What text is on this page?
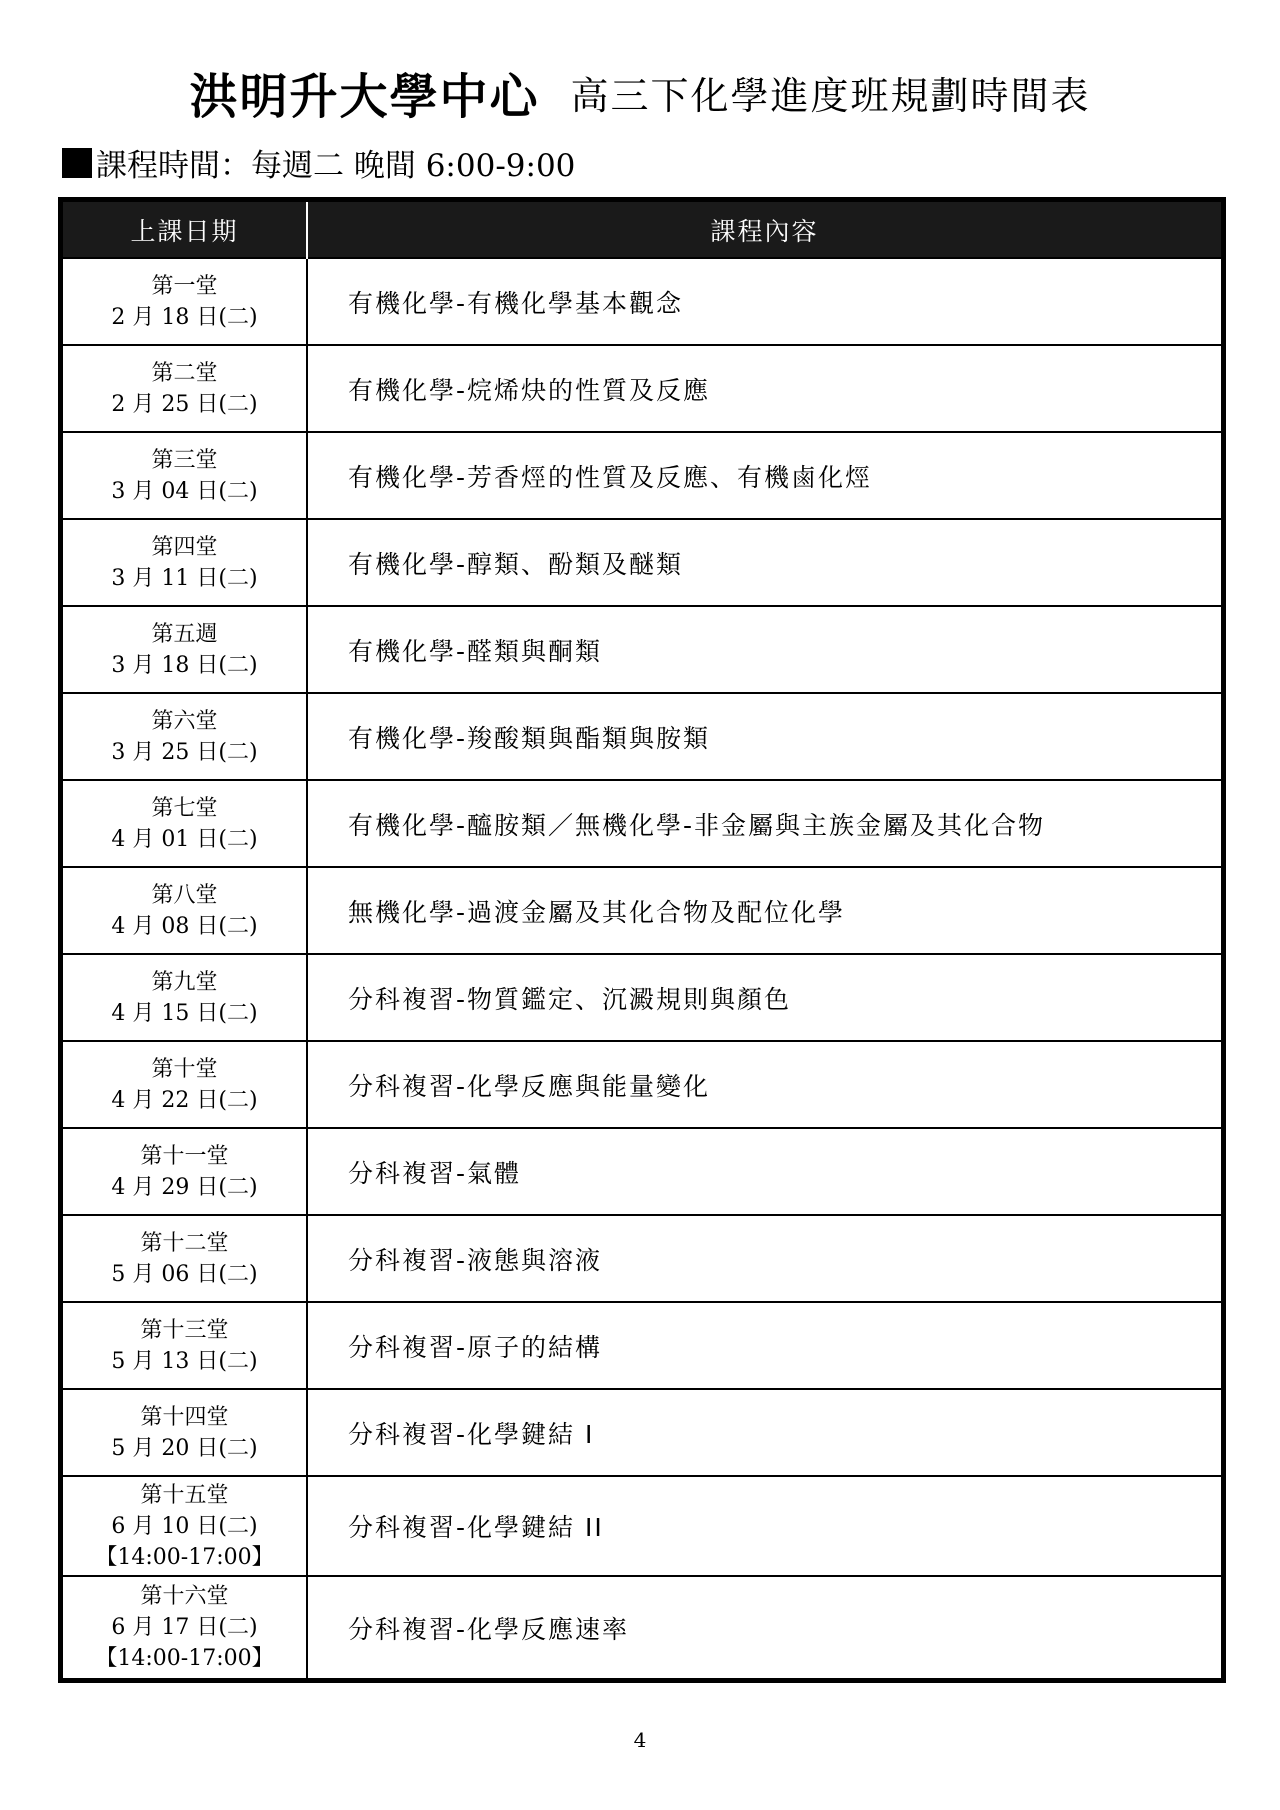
洪明升大學中心 高三下化學進度班規劃時間表
課程時間：每週二 晚間 6:00-9:00
上課日期	課程內容

第一堂
2 月 18 日(二)	有機化學-有機化學基本觀念

第二堂
2 月 25 日(二)	有機化學-烷烯炔的性質及反應

第三堂
3 月 04 日(二)	有機化學-芳香烴的性質及反應、有機鹵化烴

第四堂
3 月 11 日(二)	有機化學-醇類、酚類及醚類

第五週
3 月 18 日(二)	有機化學-醛類與酮類

第六堂
3 月 25 日(二)	有機化學-羧酸類與酯類與胺類

第七堂
4 月 01 日(二)	有機化學-醯胺類／無機化學-非金屬與主族金屬及其化合物

第八堂
4 月 08 日(二)	無機化學-過渡金屬及其化合物及配位化學

第九堂
4 月 15 日(二)	分科複習-物質鑑定、沉澱規則與顏色

第十堂
4 月 22 日(二)	分科複習-化學反應與能量變化

第十一堂
4 月 29 日(二)	分科複習-氣體

第十二堂
5 月 06 日(二)	分科複習-液態與溶液

第十三堂
5 月 13 日(二)	分科複習-原子的結構

第十四堂
5 月 20 日(二)	分科複習-化學鍵結 I

第十五堂
6 月 10 日(二)
【14:00-17:00】	分科複習-化學鍵結 II

第十六堂
6 月 17 日(二)
【14:00-17:00】	分科複習-化學反應速率
4
